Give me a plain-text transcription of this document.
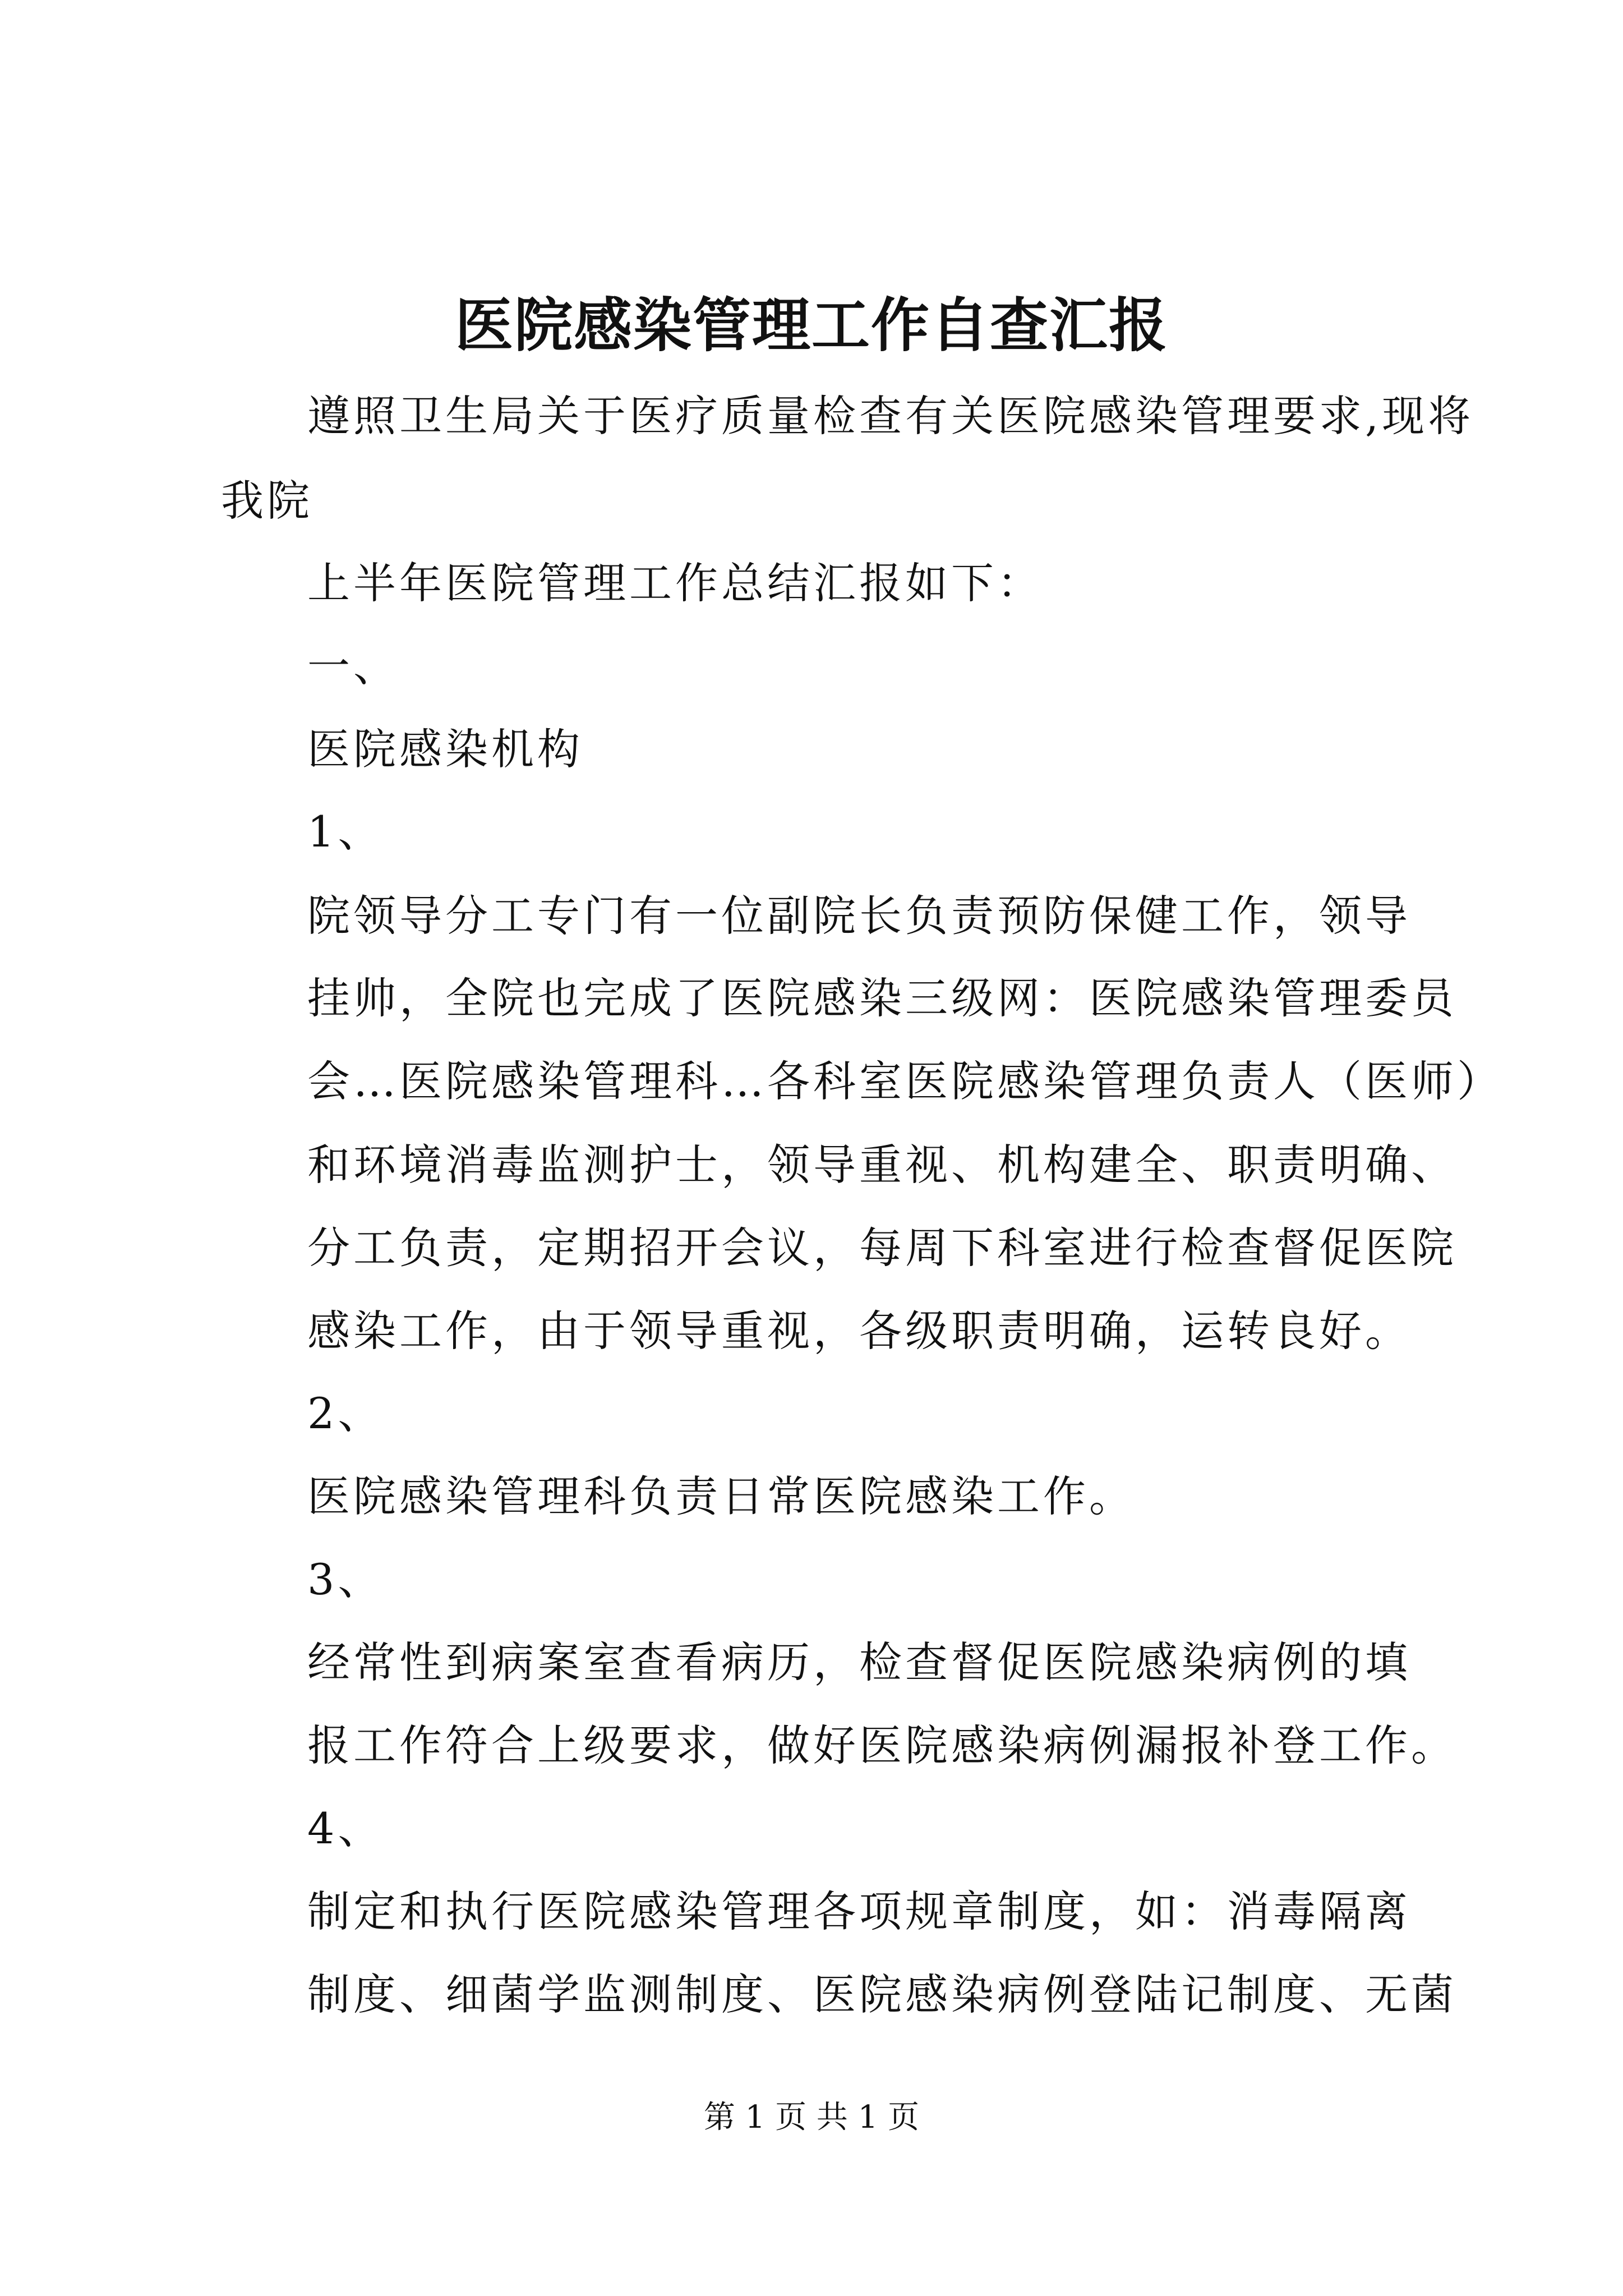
医院感染管理工作自查汇报
遵照卫生局关于医疗质量检查有关医院感染管理要求,现将
我院
上半年医院管理工作总结汇报如下：
一、
医院感染机构
1、
院领导分工专门有一位副院长负责预防保健工作，领导
挂帅，全院也完成了医院感染三级网：医院感染管理委员
会…医院感染管理科…各科室医院感染管理负责人（医师）
和环境消毒监测护士，领导重视、机构建全、职责明确、
分工负责，定期招开会议，每周下科室进行检查督促医院
感染工作，由于领导重视，各级职责明确，运转良好。
2、
医院感染管理科负责日常医院感染工作。
3、
经常性到病案室查看病历，检查督促医院感染病例的填
报工作符合上级要求，做好医院感染病例漏报补登工作。
4、
制定和执行医院感染管理各项规章制度，如：消毒隔离
制度、细菌学监测制度、医院感染病例登陆记制度、无菌
第 1 页 共 1 页
